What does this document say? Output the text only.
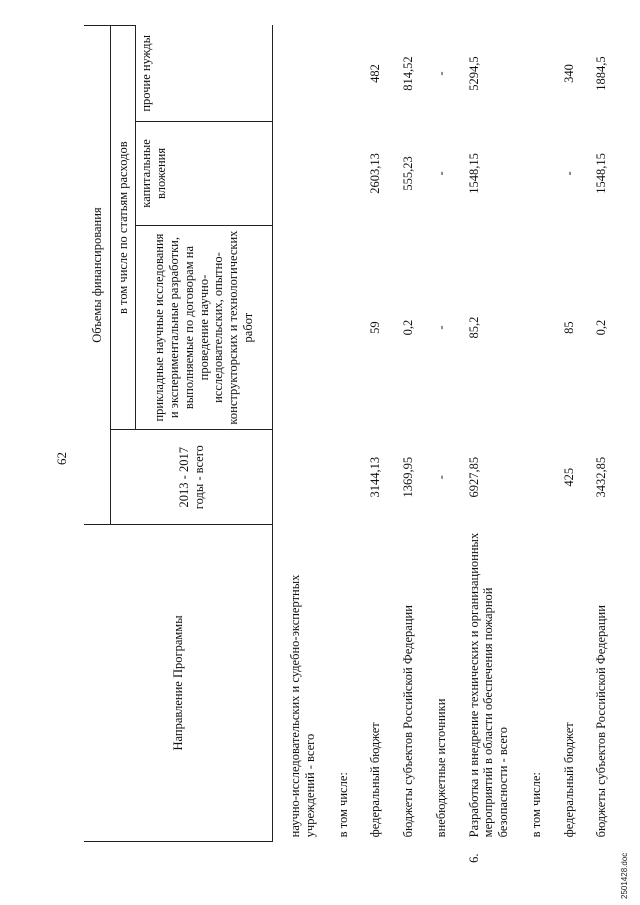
62
	Направление Программы	Объемы финансирования			
		2013 - 2017 годы - всего	в том числе по статьям расходов		
			прикладные научные исследования и экспериментальные разработки, выполняемые по договорам на проведение научно-исследовательских, опытно-конструкторских и технологических работ	капитальные вложения	прочие нужды

	научно-исследовательских и судебно-экспертных учреждений - всего				

	в том числе:				

	федеральный бюджет	3144,13	59	2603,13	482

	бюджеты субъектов Российской Федерации	1369,95	0,2	555,23	814,52

	внебюджетные источники	-	-	-	-

6.	Разработка и внедрение технических и организационных мероприятий в области обеспечения пожарной безопасности - всего	6927,85	85,2	1548,15	5294,5

	в том числе:				

	федеральный бюджет	425	85	-	340

	бюджеты субъектов Российской Федерации	3432,85	0,2	1548,15	1884,5

2501428.doc
